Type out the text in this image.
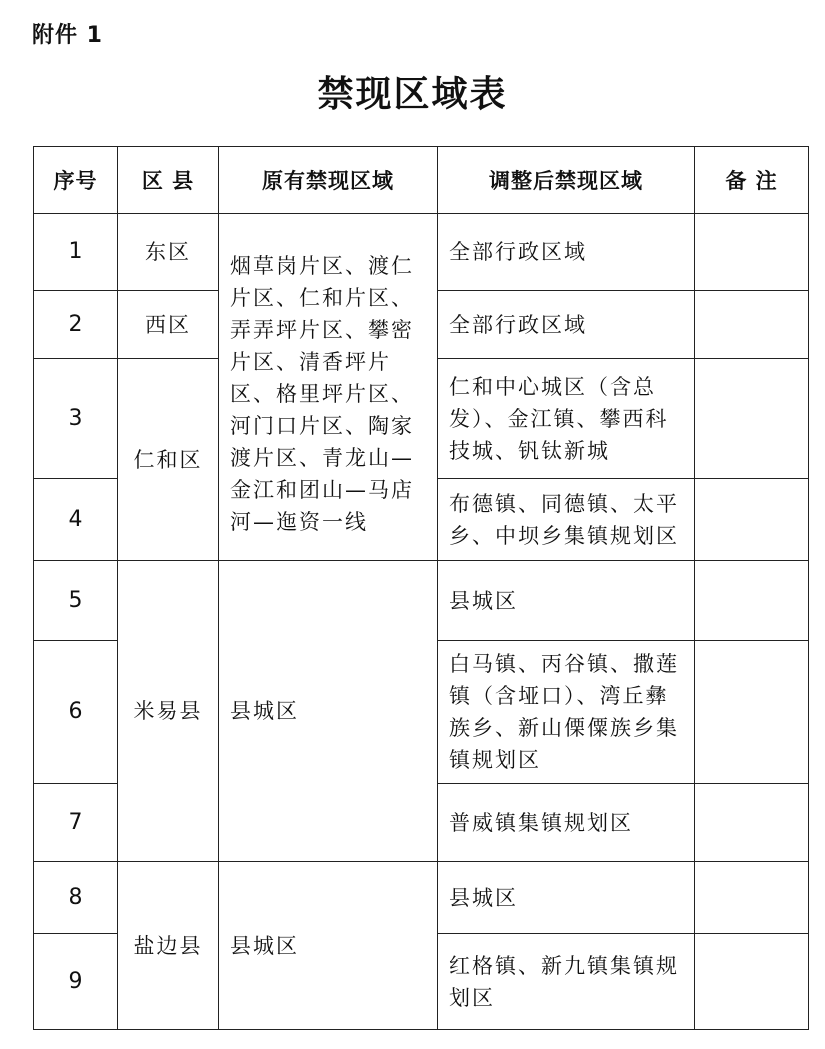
附件 1
禁现区域表
序号	区 县	原有禁现区域	调整后禁现区域	备 注
1	东区	烟草岗片区、渡仁片区、仁和片区、弄弄坪片区、攀密片区、清香坪片区、格里坪片区、河门口片区、陶家渡片区、青龙山—金江和团山—马店河—迤资一线	全部行政区域	
2	西区		全部行政区域	
3	仁和区		仁和中心城区（含总发）、金江镇、攀西科技城、钒钛新城	
4			布德镇、同德镇、太平乡、中坝乡集镇规划区	
5	米易县	县城区	县城区	
6			白马镇、丙谷镇、撒莲镇（含垭口）、湾丘彝族乡、新山傈僳族乡集镇规划区	
7			普威镇集镇规划区	
8	盐边县	县城区	县城区	
9			红格镇、新九镇集镇规划区	
